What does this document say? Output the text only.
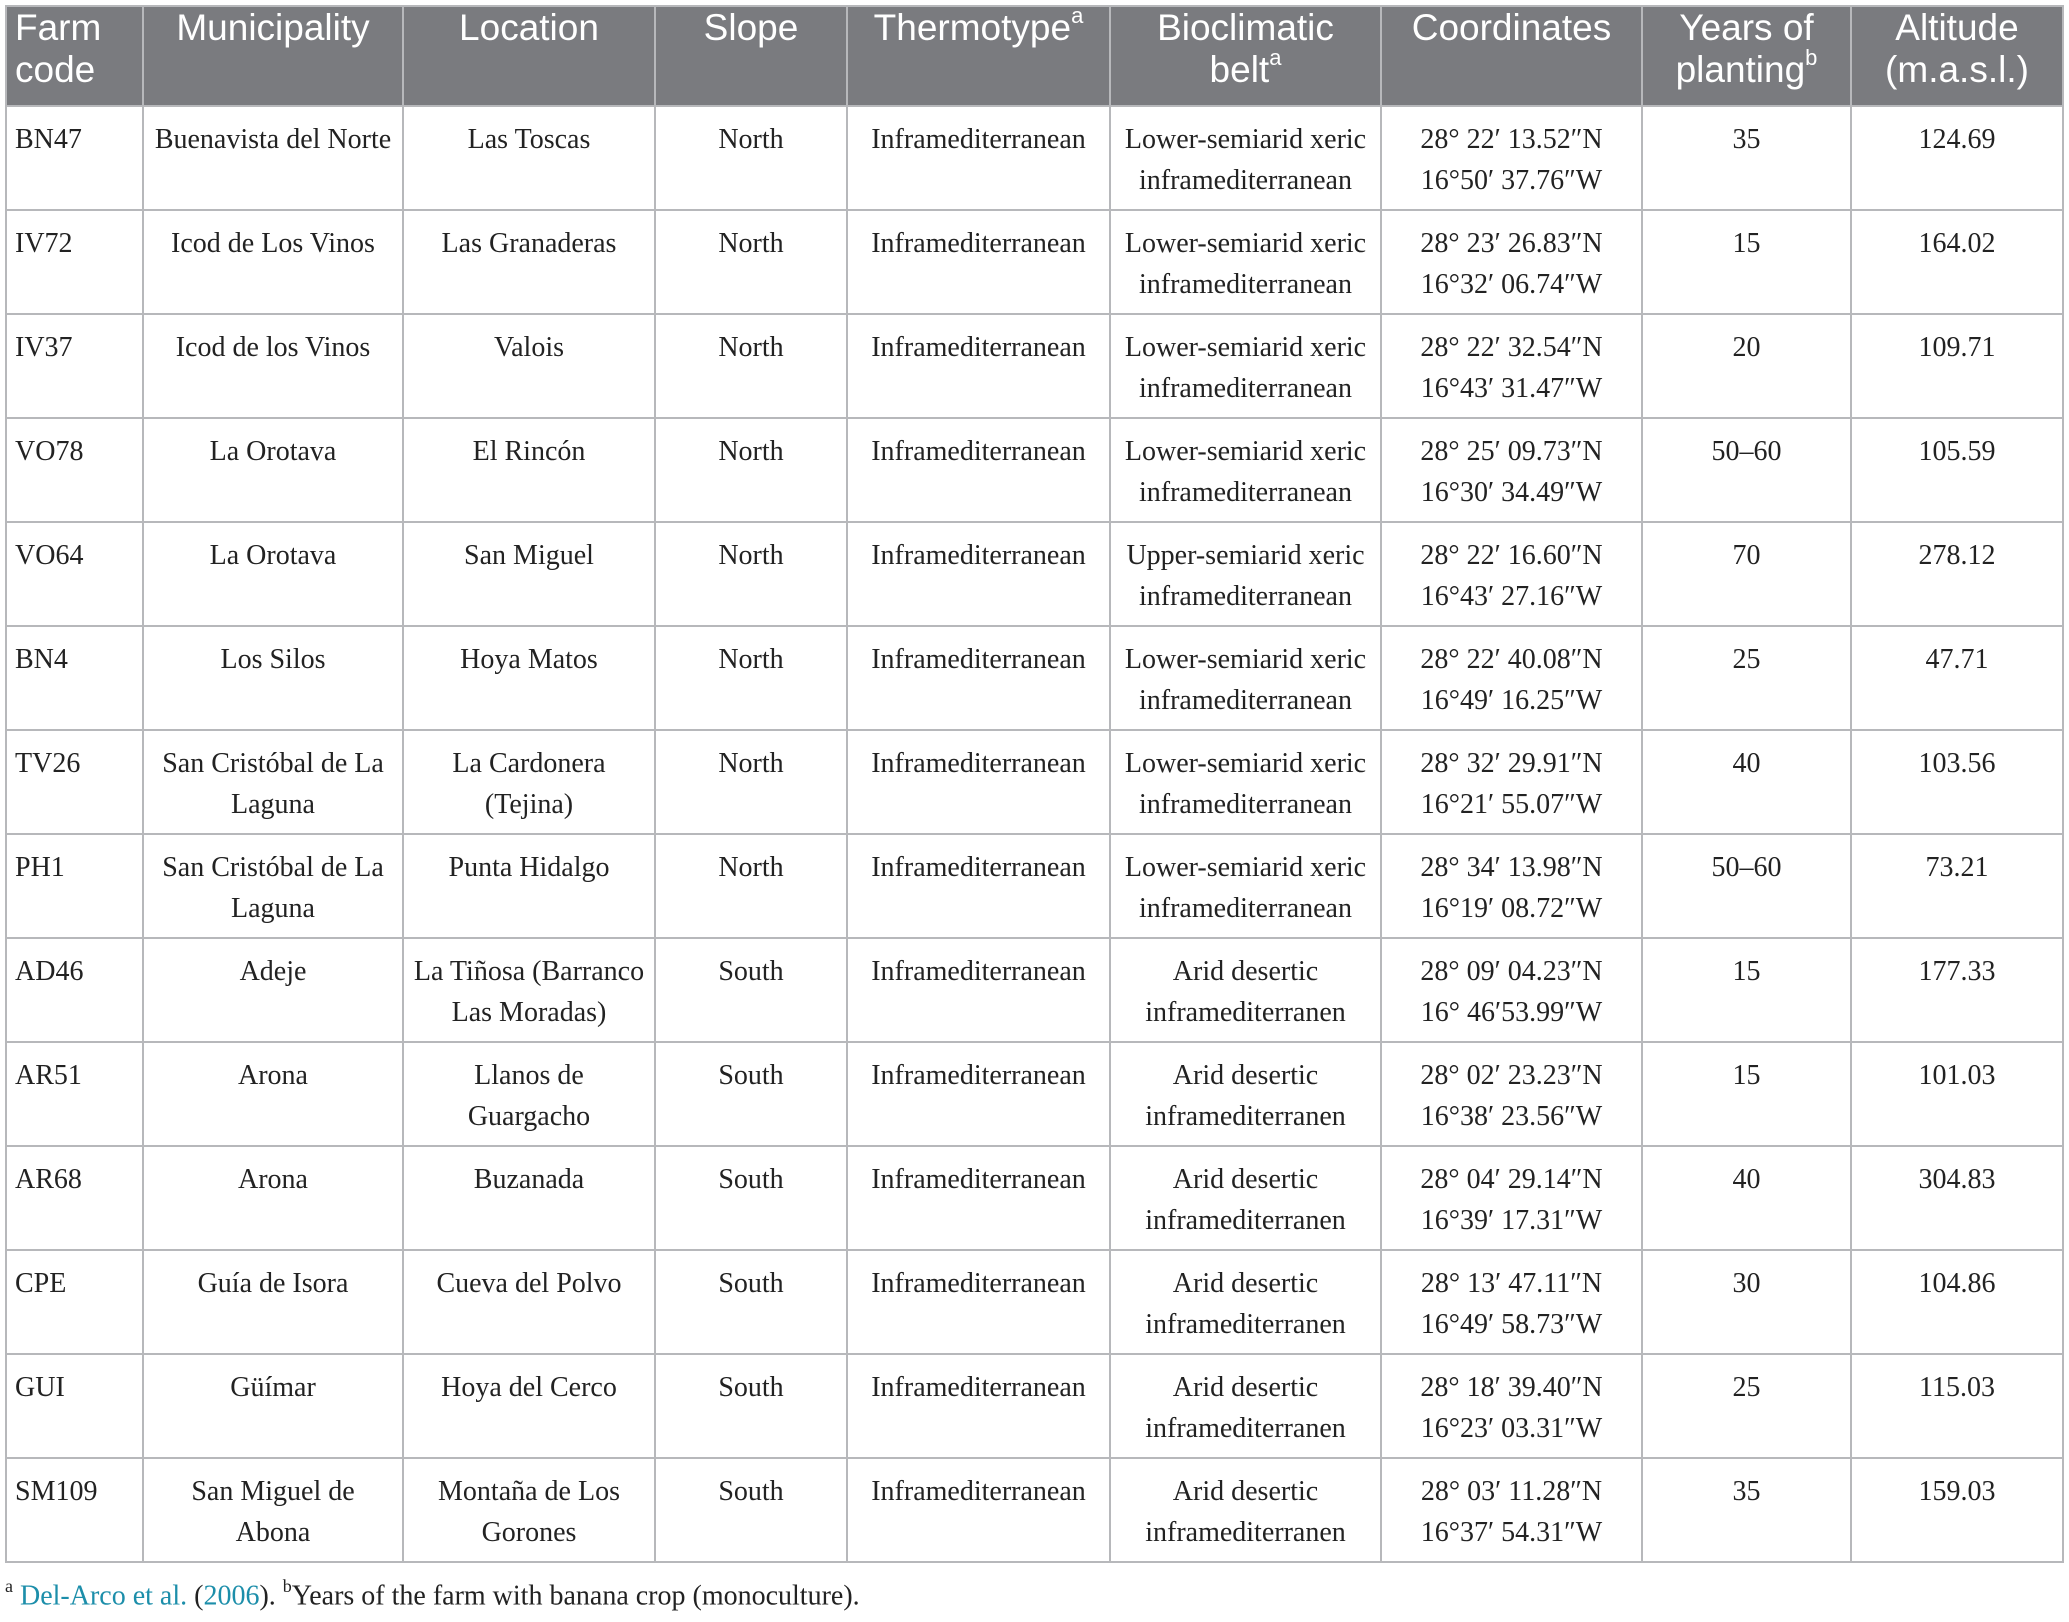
Farm
code	Municipality	Location	Slope	Thermotype$^a$	Bioclimatic
belt$^a$	Coordinates	Years of
planting$^b$	Altitude
(m.a.s.l.)

BN47	Buenavista del Norte	Las Toscas	North	Inframediterranean	Lower-semiarid xeric
inframediterranean	28° 22′ 13.52″N
16°50′ 37.76″W	35	124.69

IV72	Icod de Los Vinos	Las Granaderas	North	Inframediterranean	Lower-semiarid xeric
inframediterranean	28° 23′ 26.83″N
16°32′ 06.74″W	15	164.02

IV37	Icod de los Vinos	Valois	North	Inframediterranean	Lower-semiarid xeric
inframediterranean	28° 22′ 32.54″N
16°43′ 31.47″W	20	109.71

VO78	La Orotava	El Rincón	North	Inframediterranean	Lower-semiarid xeric
inframediterranean	28° 25′ 09.73″N
16°30′ 34.49″W	50–60	105.59

VO64	La Orotava	San Miguel	North	Inframediterranean	Upper-semiarid xeric
inframediterranean	28° 22′ 16.60″N
16°43′ 27.16″W	70	278.12

BN4	Los Silos	Hoya Matos	North	Inframediterranean	Lower-semiarid xeric
inframediterranean	28° 22′ 40.08″N
16°49′ 16.25″W	25	47.71

TV26	San Cristóbal de La
Laguna	La Cardonera
(Tejina)	North	Inframediterranean	Lower-semiarid xeric
inframediterranean	28° 32′ 29.91″N
16°21′ 55.07″W	40	103.56

PH1	San Cristóbal de La
Laguna	Punta Hidalgo	North	Inframediterranean	Lower-semiarid xeric
inframediterranean	28° 34′ 13.98″N
16°19′ 08.72″W	50–60	73.21

AD46	Adeje	La Tiñosa (Barranco
Las Moradas)	South	Inframediterranean	Arid desertic
inframediterranen	28° 09′ 04.23″N
16° 46′53.99″W	15	177.33

AR51	Arona	Llanos de
Guargacho	South	Inframediterranean	Arid desertic
inframediterranen	28° 02′ 23.23″N
16°38′ 23.56″W	15	101.03

AR68	Arona	Buzanada	South	Inframediterranean	Arid desertic
inframediterranen	28° 04′ 29.14″N
16°39′ 17.31″W	40	304.83

CPE	Guía de Isora	Cueva del Polvo	South	Inframediterranean	Arid desertic
inframediterranen	28° 13′ 47.11″N
16°49′ 58.73″W	30	104.86

GUI	Güímar	Hoya del Cerco	South	Inframediterranean	Arid desertic
inframediterranen	28° 18′ 39.40″N
16°23′ 03.31″W	25	115.03

SM109	San Miguel de
Abona	Montaña de Los
Gorones	South	Inframediterranean	Arid desertic
inframediterranen	28° 03′ 11.28″N
16°37′ 54.31″W	35	159.03
$^a$ Del-Arco et al. (2006). $^b$Years of the farm with banana crop (monoculture).
